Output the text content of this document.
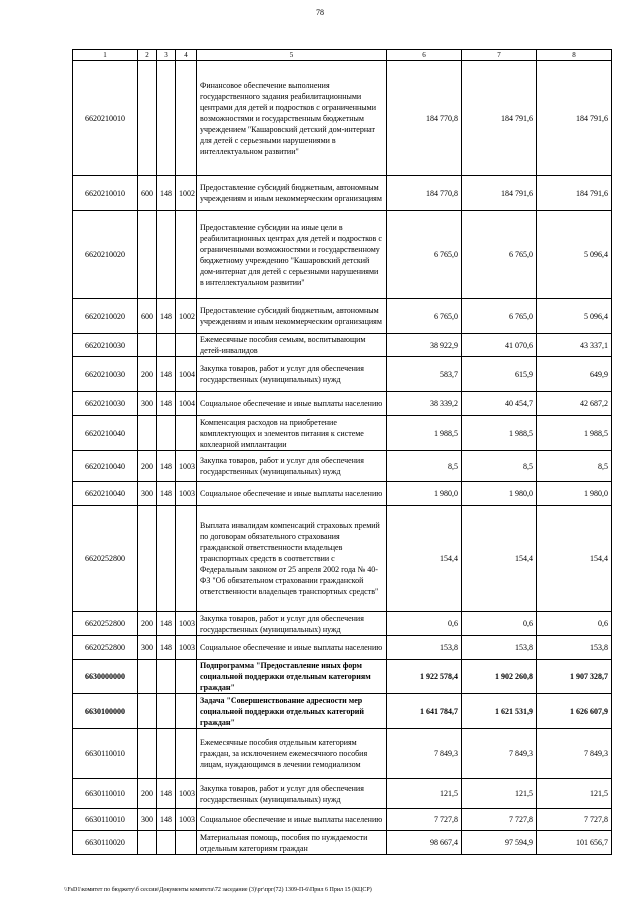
78
1	2	3	4	5	6	7	8
6620210010				Финансовое обеспечение выполнения государственного задания реабилитационными центрами для детей и подростков с ограниченными возможностями и государственным бюджетным учреждением "Кашаровский детский дом-интернат для детей с серьезными нарушениями в интеллектуальном развитии"	184 770,8	184 791,6	184 791,6
6620210010	600	148	1002	Предоставление субсидий бюджетным, автономным учреждениям и иным некоммерческим организациям	184 770,8	184 791,6	184 791,6
6620210020				Предоставление субсидии на иные цели в реабилитационных центрах для детей и подростков с ограниченными возможностями и государственному бюджетному учреждению "Кашаровский детский дом-интернат для детей с серьезными нарушениями в интеллектуальном развитии"	6 765,0	6 765,0	5 096,4
6620210020	600	148	1002	Предоставление субсидий бюджетным, автономным учреждениям и иным некоммерческим организациям	6 765,0	6 765,0	5 096,4
6620210030				Ежемесячные пособия семьям, воспитывающим детей-инвалидов	38 922,9	41 070,6	43 337,1
6620210030	200	148	1004	Закупка товаров, работ и услуг для обеспечения государственных (муниципальных) нужд	583,7	615,9	649,9
6620210030	300	148	1004	Социальное обеспечение и иные выплаты населению	38 339,2	40 454,7	42 687,2
6620210040				Компенсация расходов на приобретение комплектующих и элементов питания к системе кохлеарной имплантации	1 988,5	1 988,5	1 988,5
6620210040	200	148	1003	Закупка товаров, работ и услуг для обеспечения государственных (муниципальных) нужд	8,5	8,5	8,5
6620210040	300	148	1003	Социальное обеспечение и иные выплаты населению	1 980,0	1 980,0	1 980,0
6620252800				Выплата инвалидам компенсаций страховых премий по договорам обязательного страхования гражданской ответственности владельцев транспортных средств в соответствии с Федеральным законом от 25 апреля 2002 года № 40-ФЗ "Об обязательном страховании гражданской ответственности владельцев транспортных средств"	154,4	154,4	154,4
6620252800	200	148	1003	Закупка товаров, работ и услуг для обеспечения государственных (муниципальных) нужд	0,6	0,6	0,6
6620252800	300	148	1003	Социальное обеспечение и иные выплаты населению	153,8	153,8	153,8
6630000000				Подпрограмма "Предоставление иных форм социальной поддержки отдельным категориям граждан"	1 922 578,4	1 902 260,8	1 907 328,7
6630100000				Задача "Совершенствование адресности мер социальной поддержки отдельных категорий граждан"	1 641 784,7	1 621 531,9	1 626 607,9
6630110010				Ежемесячные пособия отдельным категориям граждан, за исключением ежемесячного пособия лицам, нуждающимся в лечении гемодиализом	7 849,3	7 849,3	7 849,3
6630110010	200	148	1003	Закупка товаров, работ и услуг для обеспечения государственных (муниципальных) нужд	121,5	121,5	121,5
6630110010	300	148	1003	Социальное обеспечение и иные выплаты населению	7 727,8	7 727,8	7 727,8
6630110020				Материальная помощь, пособия по нуждаемости отдельным категориям граждан	98 667,4	97 594,9	101 656,7
\\FsD1\комитет по бюджету\б сессии\Документы комитета\72 заседание (3)\рг\прг(72) 1309-П-6\Прил 6 Прил 15 (КЦСР)
